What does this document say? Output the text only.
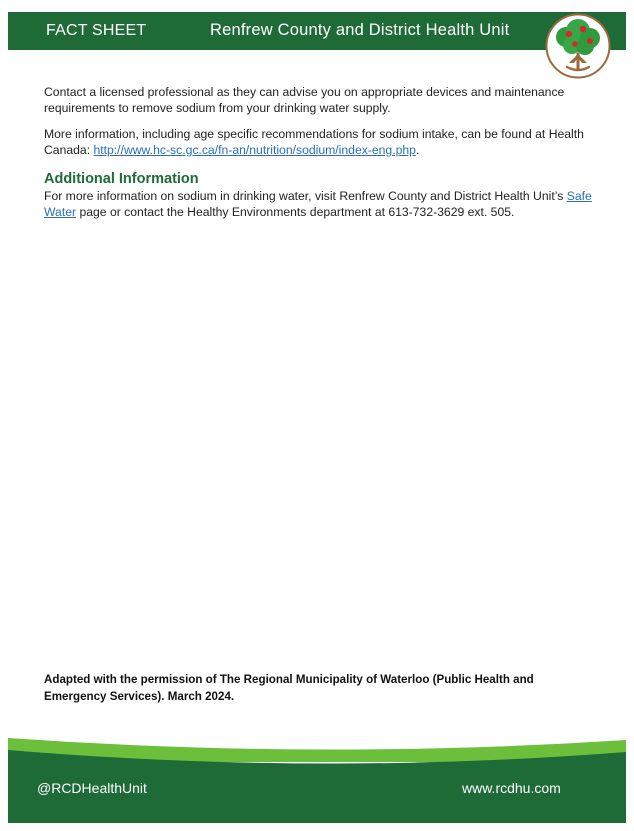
FACT SHEET	Renfrew County and District Health Unit

Contact a licensed professional as they can advise you on appropriate devices and maintenance requirements to remove sodium from your drinking water supply.

More information, including age specific recommendations for sodium intake, can be found at Health Canada: http://www.hc-sc.gc.ca/fn-an/nutrition/sodium/index-eng.php.

Additional Information

For more information on sodium in drinking water, visit Renfrew County and District Health Unit’s Safe Water page or contact the Healthy Environments department at 613-732-3629 ext. 505.

Adapted with the permission of The Regional Municipality of Waterloo (Public Health and Emergency Services). March 2024.
@RCDHealthUnit	www.rcdhu.com
